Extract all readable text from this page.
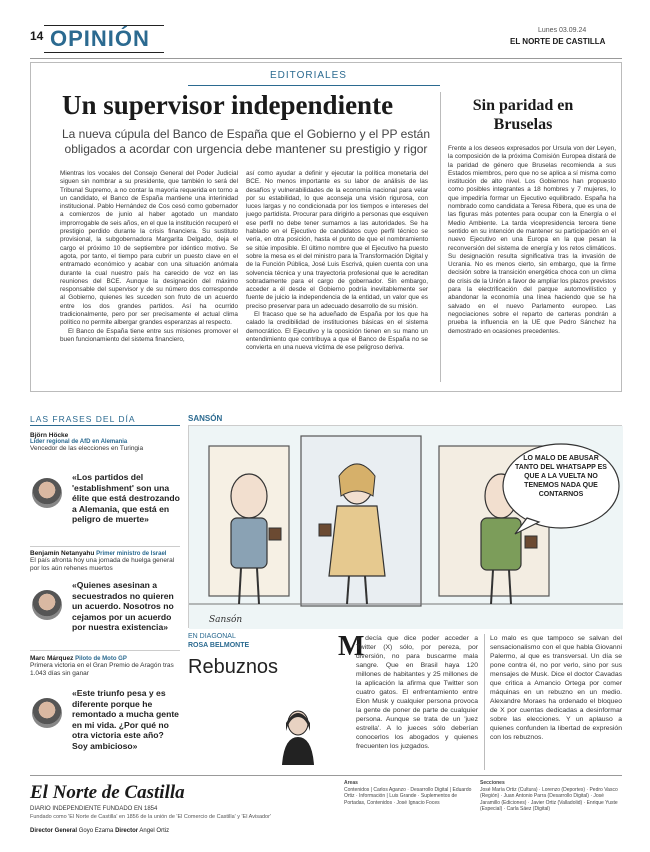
14 OPINIÓN	Lunes 03.09.24
EL NORTE DE CASTILLA
EDITORIALES
Un supervisor independiente
La nueva cúpula del Banco de España que el Gobierno y el PP están obligados a acordar con urgencia debe mantener su prestigio y rigor
Sin paridad en Bruselas
Mientras los vocales del Consejo General del Poder Judicial siguen sin nombrar a su presidente, que también lo será del Tribunal Supremo, a no contar la mayoría requerida en torno a un candidato, el Banco de España mantiene una interinidad institucional. Pablo Hernández de Cos cesó como gobernador a comienzos de junio al haber agotado un mandato improrrogable de seis años, en el que la institución recuperó el prestigio perdido durante la crisis financiera. Su sustituto provisional, la subgobernadora Margarita Delgado, deja el cargo el próximo 10 de septiembre por idéntico motivo. Se agota, por tanto, el tiempo para cubrir un puesto clave en el entramado económico y acabar con una situación anómala durante la cual nuestro país ha carecido de voz en las reuniones del BCE. Aunque la designación del máximo responsable del supervisor y de su número dos corresponde al Gobierno, quienes les suceden son fruto de un acuerdo entre los dos grandes partidos. Así ha ocurrido tradicionalmente, pero por ser precisamente el actual clima político no permite albergar grandes esperanzas al respecto.
El Banco de España tiene entre sus misiones promover el buen funcionamiento del sistema financiero,
así como ayudar a definir y ejecutar la política monetaria del BCE. No menos importante es su labor de análisis de las desafíos y vulnerabilidades de la economía nacional para velar por su estabilidad, lo que aconseja una visión rigurosa, con luces largas y no condicionada por los tiempos e intereses del juego partidista. Procurar para dirigirlo a personas que esquiven ese perfil no debe tener sumarnos a las autoridades. Se ha hablado en el Ejecutivo de candidatos cuyo perfil técnico se vería, en otra posición, hasta el punto de que el nombramiento se sitúe imposible. El último nombre que el Ejecutivo ha puesto sobre la mesa es el del ministro para la Transformación Digital y de la Función Pública, José Luis Escrivá, quien cuenta con una solvencia técnica y una trayectoria profesional que le acreditan sobradamente para el cargo de gobernador. Sin embargo, acceder a él desde el Gobierno podría inevitablemente ser fuente de juicio la independencia de la entidad, un valor que es preciso preservar para un adecuado desarrollo de su misión.
El fracaso que se ha adueñado de España por los que ha calado la credibilidad de instituciones básicas en el sistema democrático. El Ejecutivo y la oposición tienen en su mano un entendimiento que contribuya a que el Banco de España no se convierta en una nueva víctima de ese peligroso deriva.
Frente a los deseos expresados por Ursula von der Leyen, la composición de la próxima Comisión Europea distará de la paridad de género que Bruselas recomienda a sus Estados miembros, pero que no se aplica a sí misma como institución de alto nivel. Los Gobiernos han propuesto como posibles integrantes a 18 hombres y 7 mujeres, lo que impediría formar un Ejecutivo equilibrado. España ha nombrado como candidata a Teresa Ribera, que es una de las figuras más potentes para ocupar con la Energía o el Medio Ambiente. La tarda vicepresidencia tercera tiene sentido en su intención de mantener su participación en el nuevo Ejecutivo en una Europa en la que pesan la reconversión del sistema de energía y los retos climáticos. Su designación resulta significativa tras la invasión de Ucrania. No es menos cierto, sin embargo, que la firme decisión sobre la transición energética choca con un clima de crisis de la Unión a favor de ampliar los plazos previstos para la electrificación del parque automovilístico y abandonar la economía una línea haciendo que se ha salvado en el nuevo Parlamento europeo. Las negociaciones sobre el reparto de carteras pondrán a prueba la influencia en la UE que Pedro Sánchez ha demostrado en ocasiones precedentes.
LAS FRASES DEL DÍA
Björn Höcke
Líder regional de AfD en Alemania
Vencedor de las elecciones en Turingia
«Los partidos del 'establishment' son una élite que está destrozando a Alemania, que está en peligro de muerte»
Benjamín Netanyahu Primer ministro de Israel
El país afronta hoy una jornada de huelga general por los aún rehenes muertos
«Quienes asesinan a secuestrados no quieren un acuerdo. Nosotros no cejamos por un acuerdo por nuestra existencia»
Marc Márquez Piloto de Moto GP
Primera victoria en el Gran Premio de Aragón tras 1.043 días sin ganar
«Este triunfo pesa y es diferente porque he remontado a mucha gente en mi vida. ¿Por qué no otra victoria este año? Soy ambicioso»
SANSÓN
Sansón
LO MALO DE ABUSAR TANTO DEL WHATSAPP ES QUE A LA VUELTA NO TENEMOS NADA QUE CONTARNOS
EN DIAGONAL
ROSA BELMONTE
Rebuznos
M
e decía que dice poder acceder a Twitter (X) sólo, por pereza, por diversión, no para buscarme mala sangre. Que en Brasil haya 120 millones de habitantes y 25 millones de la aplicación la afirma que Twitter son cuatro gatos. El enfrentamiento entre Elon Musk y cualquier persona provoca la gente de poner de parte de cualquier persona. Aunque se trata de un 'juez estrella'. A lo jueces sólo deberían conocerlos los abogados y quienes frecuenten los juzgados.
Lo malo es que tampoco se salvan del sensacionalismo con el que habla Giovanni Palermo, al que es transversal. Un día se pone contra él, no por verlo, sino por sus mensajes de Musk. Dice el doctor Cavadas que critica a Amancio Ortega por comer máquinas en un rebuzno en un medio. Alexandre Moraes ha ordenado el bloqueo de X por cuentas dedicadas a desinformar sobre las elecciones. Y un aplauso a quienes confunden la libertad de expresión con los rebuznos.
El Norte de Castilla
DIARIO INDEPENDIENTE FUNDADO EN 1854
Fundado como 'El Norte de Castilla' en 1856 de la unión de 'El Comercio de Castilla' y 'El Avisador'
Director General Goyo Ezama Director Angel Ortiz
Áreas
Contenidos | Carlos Aganzo · Desarrollo Digital | Eduardo Ortiz · Información | Luis Grande · Suplementos de Portadas, Contenidos · José Ignacio Foces
Secciones
José María Ortiz (Cultura) · Lorenzo (Deportes) · Pedro Vasco (Región) · Juan Antonio Parra (Desarrollo Digital) · José Jaramillo (Ediciones) · Javier Ortiz (Valladolid) · Enrique Yuste (Especial) · Carla Sáez (Digital)
